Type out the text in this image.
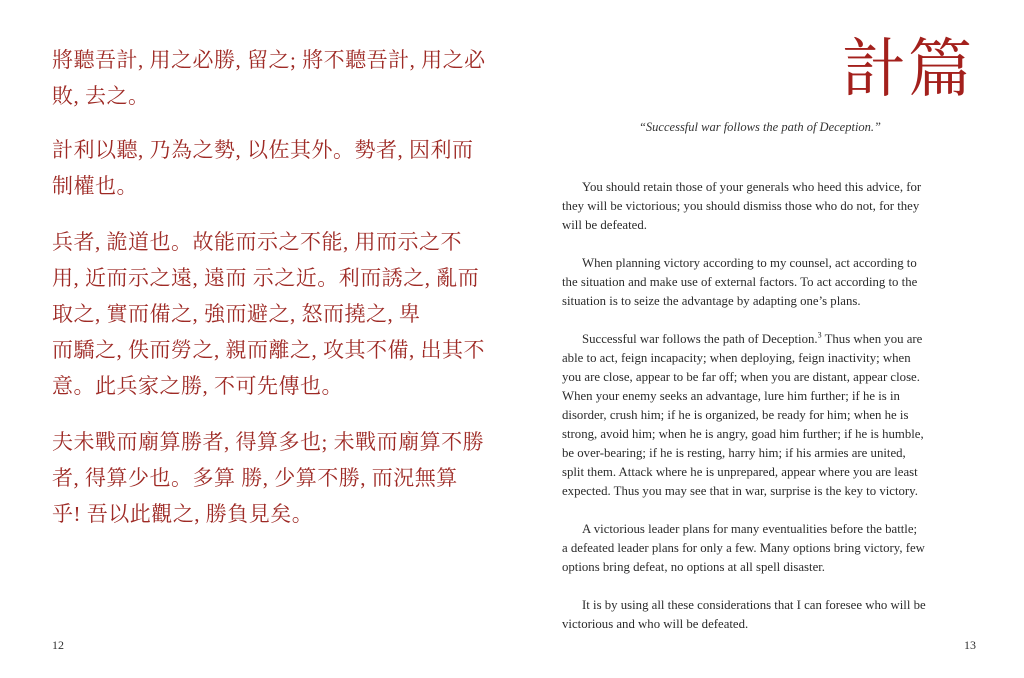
將聽吾計, 用之必勝, 留之; 將不聽吾計, 用之必
敗, 去之。

計利以聽, 乃為之勢, 以佐其外。勢者, 因利而
制權也。

兵者, 詭道也。故能而示之不能, 用而示之不
用, 近而示之遠, 遠而 示之近。利而誘之, 亂而
取之, 實而備之, 強而避之, 怒而撓之, 卑
而驕之, 佚而勞之, 親而離之, 攻其不備, 出其不
意。此兵家之勝, 不可先傳也。

夫未戰而廟算勝者, 得算多也; 未戰而廟算不勝
者, 得算少也。多算 勝, 少算不勝, 而況無算
乎! 吾以此觀之, 勝負見矣。

12	13
計篇

“Successful war follows the path of Deception.”

You should retain those of your generals who heed this advice, for
they will be victorious; you should dismiss those who do not, for they
will be defeated.

When planning victory according to my counsel, act according to
the situation and make use of external factors. To act according to the
situation is to seize the advantage by adapting one’s plans.

Successful war follows the path of Deception.$^3$ Thus when you are
able to act, feign incapacity; when deploying, feign inactivity; when
you are close, appear to be far off; when you are distant, appear close.
When your enemy seeks an advantage, lure him further; if he is in
disorder, crush him; if he is organized, be ready for him; when he is
strong, avoid him; when he is angry, goad him further; if he is humble,
be over-bearing; if he is resting, harry him; if his armies are united,
split them. Attack where he is unprepared, appear where you are least
expected. Thus you may see that in war, surprise is the key to victory.

A victorious leader plans for many eventualities before the battle;
a defeated leader plans for only a few. Many options bring victory, few
options bring defeat, no options at all spell disaster.

It is by using all these considerations that I can foresee who will be
victorious and who will be defeated.
